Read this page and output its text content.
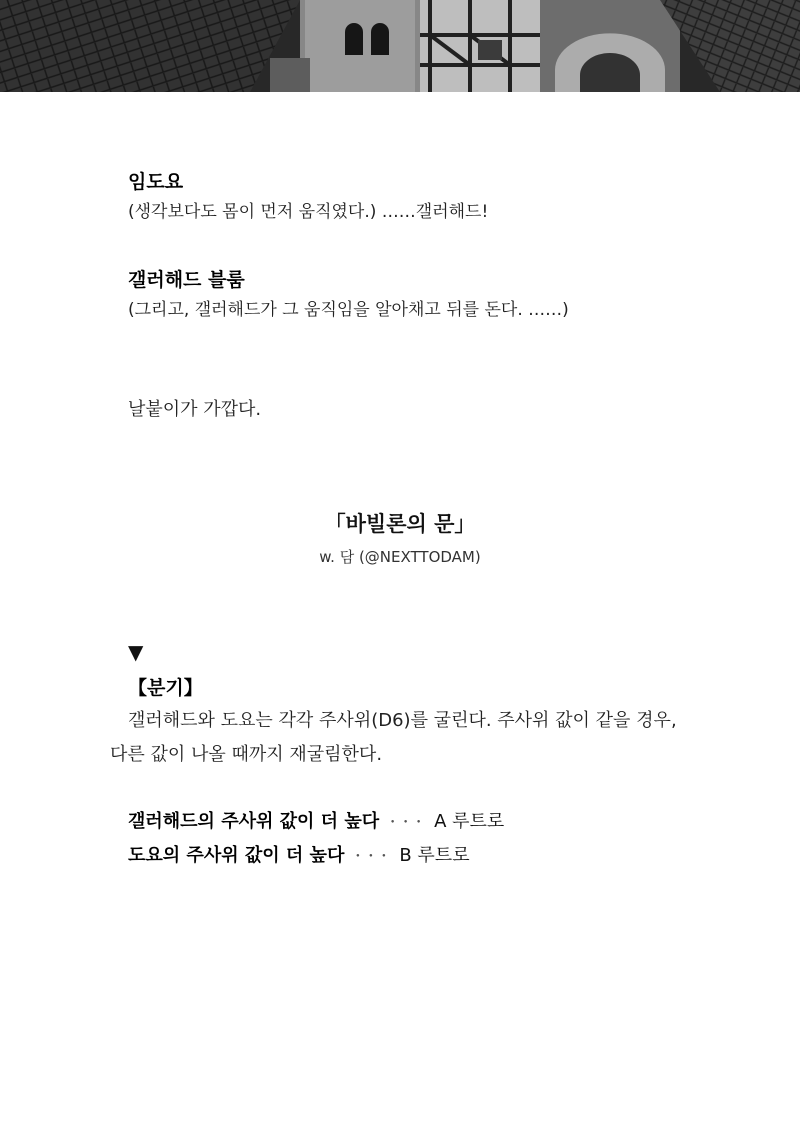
임도요
(생각보다도 몸이 먼저 움직였다.) ……갤러해드!
갤러해드 블룸
(그리고, 갤러해드가 그 움직임을 알아채고 뒤를 돈다. ……)
날붙이가 가깝다.
「바빌론의 문」
w. 담 (@NEXTTODAM)
▼
【분기】
갤러해드와 도요는 각각 주사위(D6)를 굴린다. 주사위 값이 같을 경우, 다른 값이 나올 때까지 재굴림한다.
갤러해드의 주사위 값이 더 높다 ･･･ A 루트로
도요의 주사위 값이 더 높다 ･･･ B 루트로
